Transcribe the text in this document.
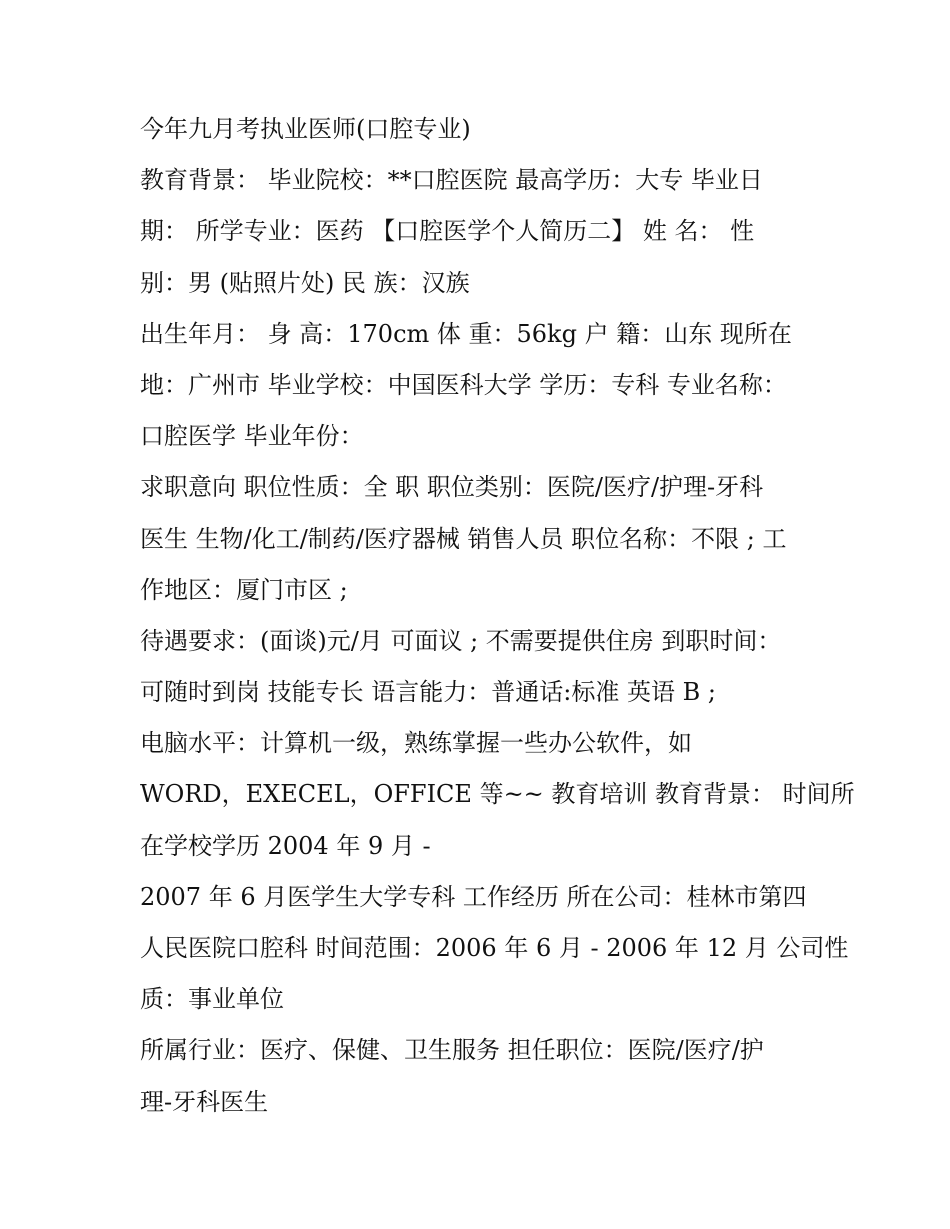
今年九月考执业医师(口腔专业)
教育背景： 毕业院校：**口腔医院 最高学历：大专 毕业日
期： 所学专业：医药 【口腔医学个人简历二】 姓 名： 性
别：男 (贴照片处) 民 族：汉族
出生年月： 身 高：170cm 体 重：56kg 户 籍：山东 现所在
地：广州市 毕业学校：中国医科大学 学历：专科 专业名称：
口腔医学 毕业年份：
求职意向 职位性质：全 职 职位类别：医院/医疗/护理-牙科
医生 生物/化工/制药/医疗器械 销售人员 职位名称：不限 ; 工
作地区：厦门市区 ;
待遇要求：(面谈)元/月 可面议 ; 不需要提供住房 到职时间：
可随时到岗 技能专长 语言能力：普通话:标准 英语 B ;
电脑水平：计算机一级，熟练掌握一些办公软件，如
WORD，EXECEL，OFFICE 等~~ 教育培训 教育背景： 时间所
在学校学历 2004 年 9 月 -
2007 年 6 月医学生大学专科 工作经历 所在公司：桂林市第四
人民医院口腔科 时间范围：2006 年 6 月 - 2006 年 12 月 公司性
质：事业单位
所属行业：医疗、保健、卫生服务 担任职位：医院/医疗/护
理-牙科医生
